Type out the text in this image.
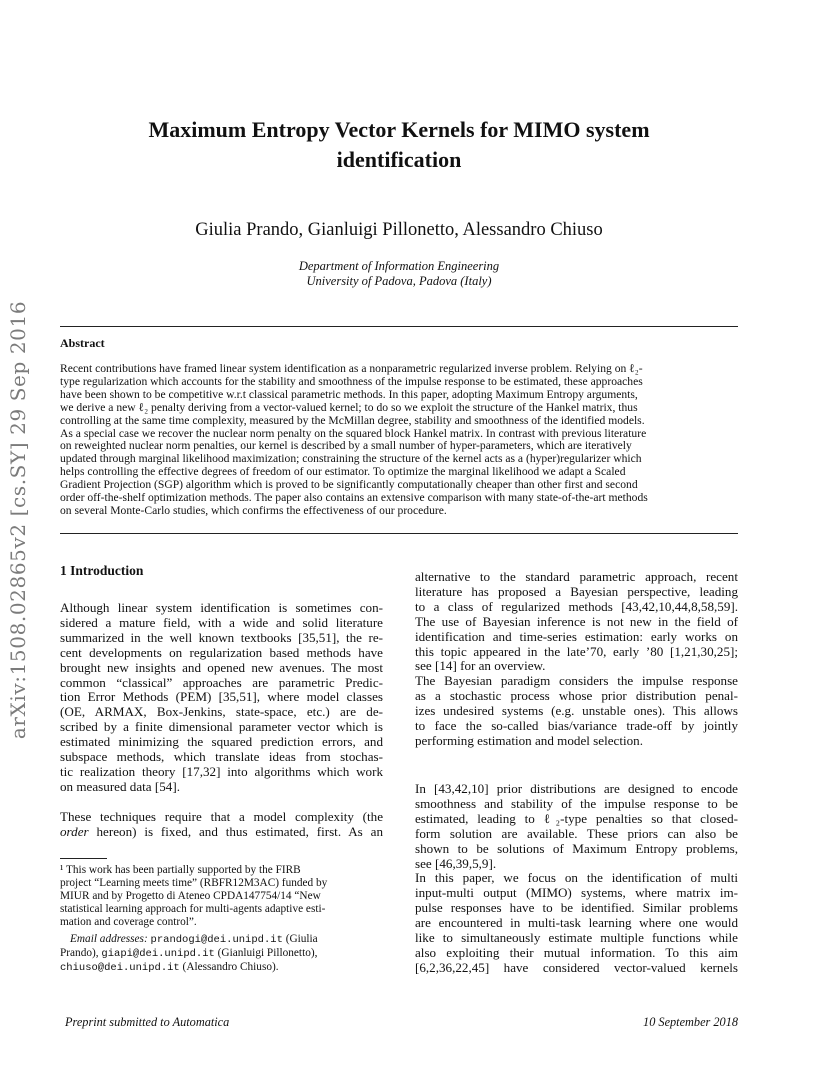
arXiv:1508.02865v2 [cs.SY] 29 Sep 2016
Maximum Entropy Vector Kernels for MIMO system
identification
Giulia Prando, Gianluigi Pillonetto, Alessandro Chiuso
Department of Information Engineering
University of Padova, Padova (Italy)
Abstract
Recent contributions have framed linear system identification as a nonparametric regularized inverse problem. Relying on ℓ₂-
type regularization which accounts for the stability and smoothness of the impulse response to be estimated, these approaches
have been shown to be competitive w.r.t classical parametric methods. In this paper, adopting Maximum Entropy arguments,
we derive a new ℓ₂ penalty deriving from a vector-valued kernel; to do so we exploit the structure of the Hankel matrix, thus
controlling at the same time complexity, measured by the McMillan degree, stability and smoothness of the identified models.
As a special case we recover the nuclear norm penalty on the squared block Hankel matrix. In contrast with previous literature
on reweighted nuclear norm penalties, our kernel is described by a small number of hyper-parameters, which are iteratively
updated through marginal likelihood maximization; constraining the structure of the kernel acts as a (hyper)regularizer which
helps controlling the effective degrees of freedom of our estimator. To optimize the marginal likelihood we adapt a Scaled
Gradient Projection (SGP) algorithm which is proved to be significantly computationally cheaper than other first and second
order off-the-shelf optimization methods. The paper also contains an extensive comparison with many state-of-the-art methods
on several Monte-Carlo studies, which confirms the effectiveness of our procedure.
1 Introduction
Although linear system identification is sometimes con-
sidered a mature field, with a wide and solid literature
summarized in the well known textbooks [35,51], the re-
cent developments on regularization based methods have
brought new insights and opened new avenues. The most
common “classical” approaches are parametric Predic-
tion Error Methods (PEM) [35,51], where model classes
(OE, ARMAX, Box-Jenkins, state-space, etc.) are de-
scribed by a finite dimensional parameter vector which is
estimated minimizing the squared prediction errors, and
subspace methods, which translate ideas from stochas-
tic realization theory [17,32] into algorithms which work
on measured data [54].
These techniques require that a model complexity (the
order hereon) is fixed, and thus estimated, first. As an
¹ This work has been partially supported by the FIRB
project “Learning meets time” (RBFR12M3AC) funded by
MIUR and by Progetto di Ateneo CPDA147754/14 “New
statistical learning approach for multi-agents adaptive esti-
mation and coverage control”.
Email addresses: prandogi@dei.unipd.it (Giulia
Prando), giapi@dei.unipd.it (Gianluigi Pillonetto),
chiuso@dei.unipd.it (Alessandro Chiuso).
alternative to the standard parametric approach, recent
literature has proposed a Bayesian perspective, leading
to a class of regularized methods [43,42,10,44,8,58,59].
The use of Bayesian inference is not new in the field of
identification and time-series estimation: early works on
this topic appeared in the late’70, early ’80 [1,21,30,25];
see [14] for an overview.
The Bayesian paradigm considers the impulse response
as a stochastic process whose prior distribution penal-
izes undesired systems (e.g. unstable ones). This allows
to face the so-called bias/variance trade-off by jointly
performing estimation and model selection.
In [43,42,10] prior distributions are designed to encode
smoothness and stability of the impulse response to be
estimated, leading to ℓ₂-type penalties so that closed-
form solution are available. These priors can also be
shown to be solutions of Maximum Entropy problems,
see [46,39,5,9].
In this paper, we focus on the identification of multi
input-multi output (MIMO) systems, where matrix im-
pulse responses have to be identified. Similar problems
are encountered in multi-task learning where one would
like to simultaneously estimate multiple functions while
also exploiting their mutual information. To this aim
[6,2,36,22,45] have considered vector-valued kernels
Preprint submitted to Automatica	10 September 2018
